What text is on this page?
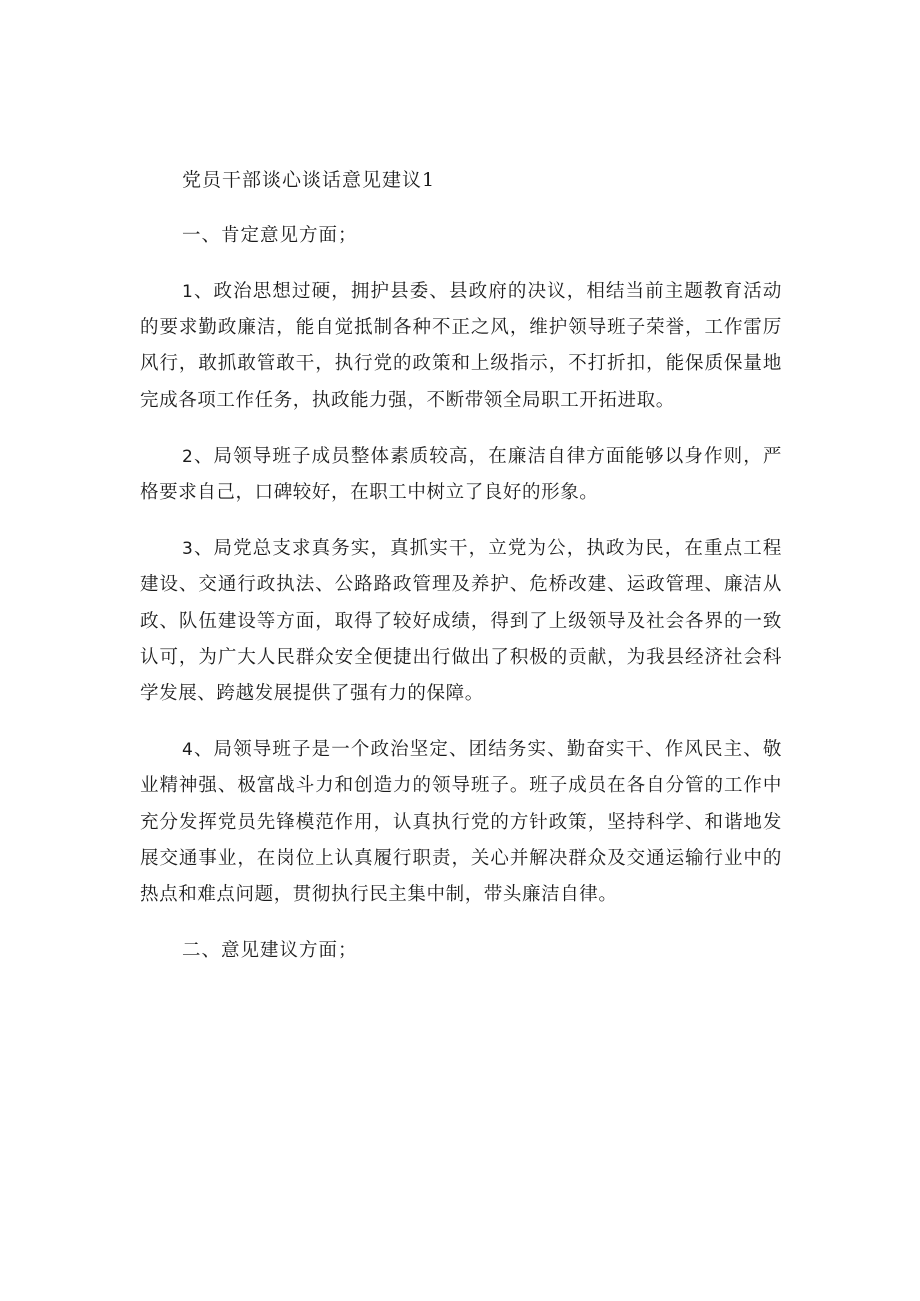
党员干部谈心谈话意见建议1

一、肯定意见方面；

1、政治思想过硬，拥护县委、县政府的决议，相结当前主题教育活动的要求勤政廉洁，能自觉抵制各种不正之风，维护领导班子荣誉，工作雷厉风行，敢抓敢管敢干，执行党的政策和上级指示，不打折扣，能保质保量地完成各项工作任务，执政能力强，不断带领全局职工开拓进取。

2、局领导班子成员整体素质较高，在廉洁自律方面能够以身作则，严格要求自己，口碑较好，在职工中树立了良好的形象。

3、局党总支求真务实，真抓实干，立党为公，执政为民，在重点工程建设、交通行政执法、公路路政管理及养护、危桥改建、运政管理、廉洁从政、队伍建设等方面，取得了较好成绩，得到了上级领导及社会各界的一致认可，为广大人民群众安全便捷出行做出了积极的贡献，为我县经济社会科学发展、跨越发展提供了强有力的保障。

4、局领导班子是一个政治坚定、团结务实、勤奋实干、作风民主、敬业精神强、极富战斗力和创造力的领导班子。班子成员在各自分管的工作中充分发挥党员先锋模范作用，认真执行党的方针政策，坚持科学、和谐地发展交通事业，在岗位上认真履行职责，关心并解决群众及交通运输行业中的热点和难点问题，贯彻执行民主集中制，带头廉洁自律。

二、意见建议方面；
